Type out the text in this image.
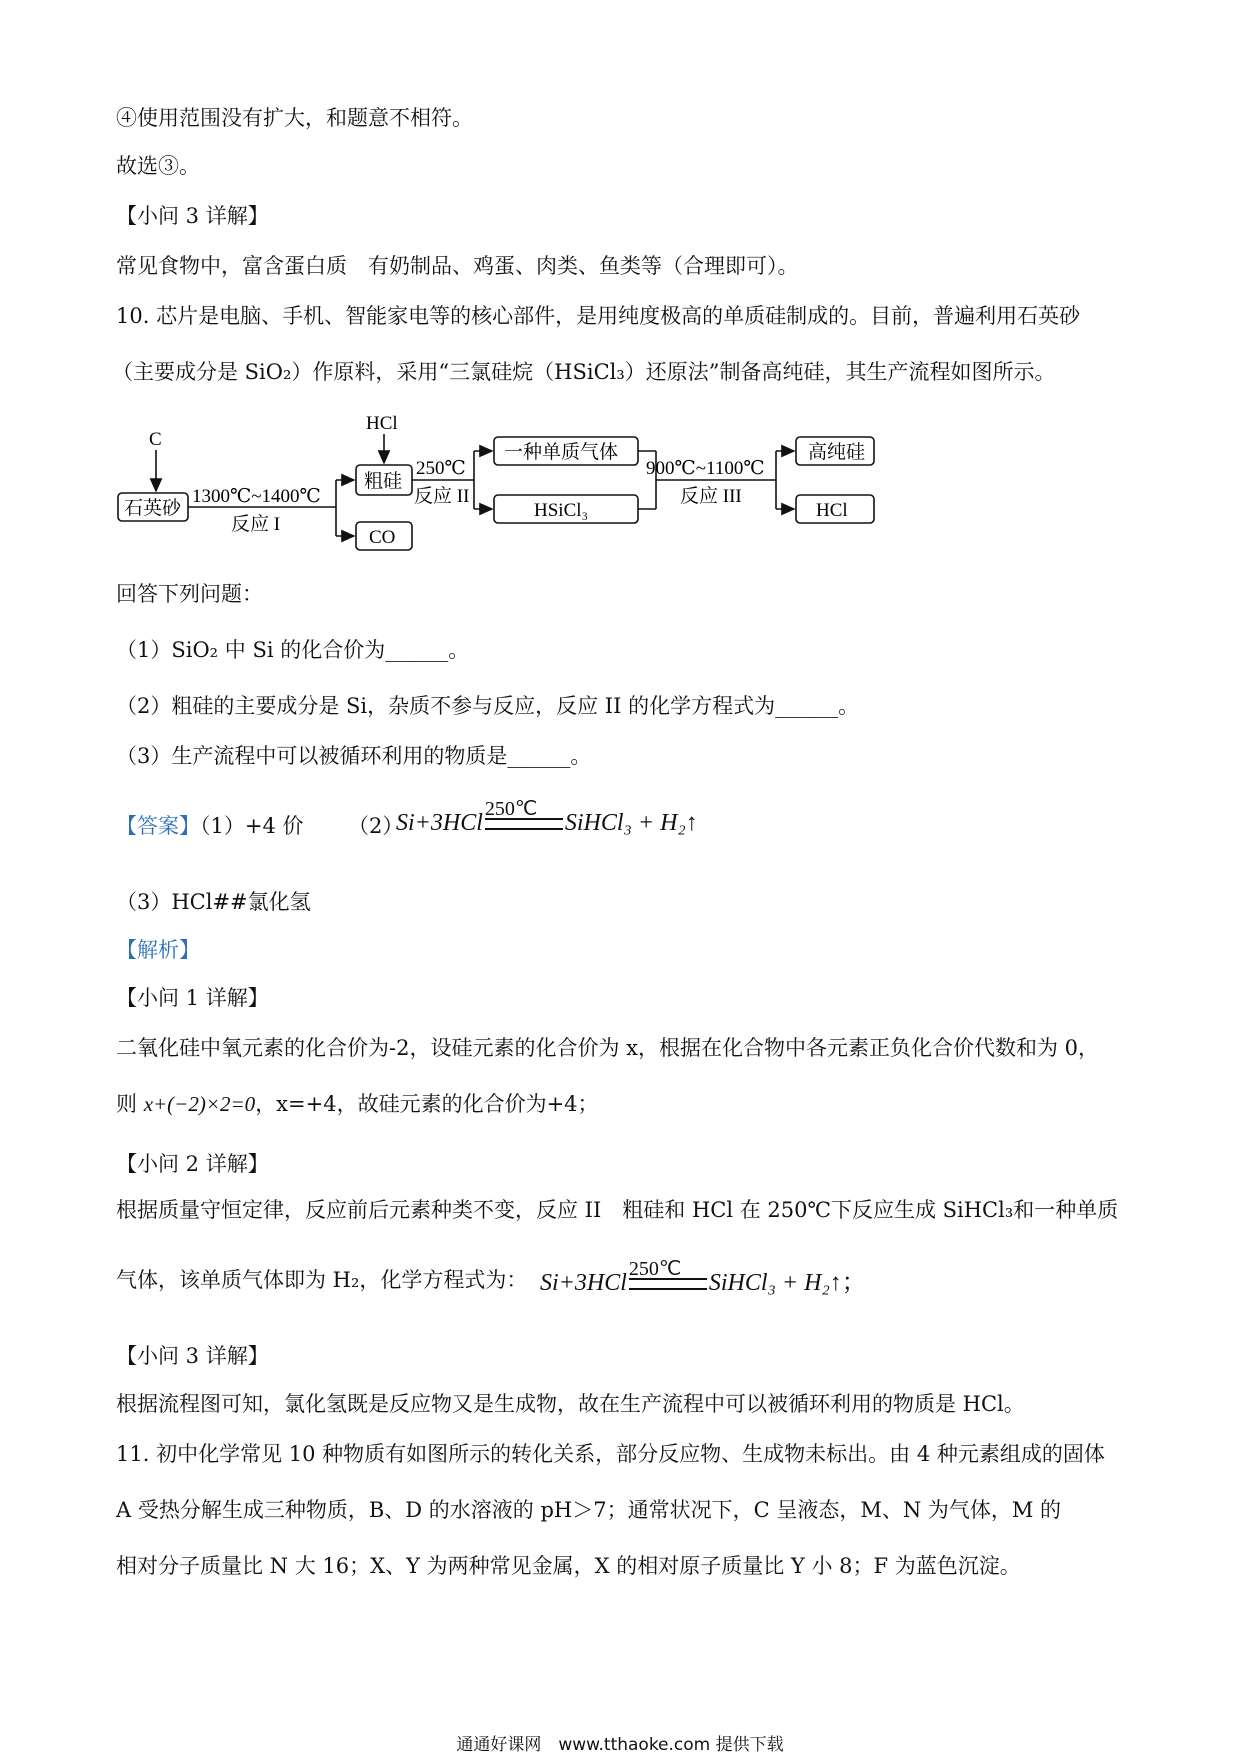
④使用范围没有扩大，和题意不相符。
故选③。
【小问 3 详解】
常见食物中，富含蛋白质　有奶制品、鸡蛋、肉类、鱼类等（合理即可）。
10. 芯片是电脑、手机、智能家电等的核心部件，是用纯度极高的单质硅制成的。目前，普遍利用石英砂
（主要成分是 SiO₂）作原料，采用“三氯硅烷（HSiCl₃）还原法”制备高纯硅，其生产流程如图所示。
C
石英砂
1300℃~1400℃
反应 I
CO
HCl
粗硅
250℃
反应 II
一种单质气体
HSiCl₃
900℃~1100℃
反应 III
高纯硅
HCl
回答下列问题：
（1）SiO₂ 中 Si 的化合价为______。
（2）粗硅的主要成分是 Si，杂质不参与反应，反应 II 的化学方程式为______。
（3）生产流程中可以被循环利用的物质是______。
【答案】（1）+4 价 （2）
Si+3HCl
250℃
SiHCl₃ + H₂↑
（3）HCl##氯化氢
【解析】
【小问 1 详解】
二氧化硅中氧元素的化合价为-2，设硅元素的化合价为 x，根据在化合物中各元素正负化合价代数和为 0，
则 x+(−2)×2=0，x=+4，故硅元素的化合价为+4；
【小问 2 详解】
根据质量守恒定律，反应前后元素种类不变，反应 II　粗硅和 HCl 在 250℃下反应生成 SiHCl₃和一种单质
气体，该单质气体即为 H₂，化学方程式为： Si+3HCl
250℃
SiHCl₃ + H₂↑；
【小问 3 详解】
根据流程图可知，氯化氢既是反应物又是生成物，故在生产流程中可以被循环利用的物质是 HCl。
11. 初中化学常见 10 种物质有如图所示的转化关系，部分反应物、生成物未标出。由 4 种元素组成的固体
A 受热分解生成三种物质，B、D 的水溶液的 pH＞7；通常状况下，C 呈液态，M、N 为气体，M 的
相对分子质量比 N 大 16；X、Y 为两种常见金属，X 的相对原子质量比 Y 小 8；F 为蓝色沉淀。
通通好课网　www.tthaoke.com 提供下载
